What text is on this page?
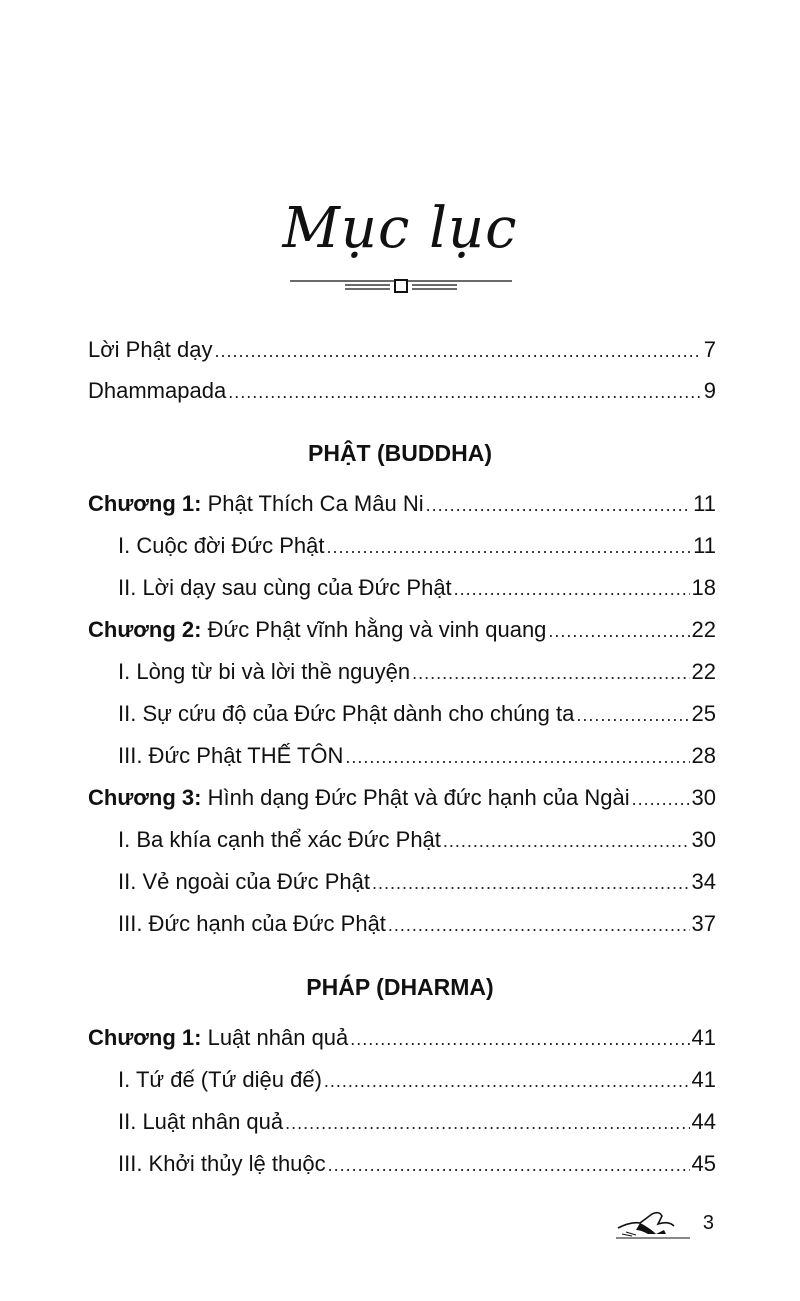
Mục lục
Lời Phật dạy .....	7
Dhammapada .....	9
PHẬT (BUDDHA)
Chương 1: Phật Thích Ca Mâu Ni .....	11
I. Cuộc đời Đức Phật .....	11
II. Lời dạy sau cùng của Đức Phật .....	18
Chương 2: Đức Phật vĩnh hằng và vinh quang .....	22
I. Lòng từ bi và lời thề nguyện .....	22
II. Sự cứu độ của Đức Phật dành cho chúng ta .....	25
III. Đức Phật THẾ TÔN .....	28
Chương 3: Hình dạng Đức Phật và đức hạnh của Ngài .....	30
I. Ba khía cạnh thể xác Đức Phật .....	30
II. Vẻ ngoài của Đức Phật .....	34
III. Đức hạnh của Đức Phật .....	37
PHÁP (DHARMA)
Chương 1: Luật nhân quả .....	41
I. Tứ đế (Tứ diệu đế) .....	41
II. Luật nhân quả .....	44
III. Khởi thủy lệ thuộc .....	45
3
